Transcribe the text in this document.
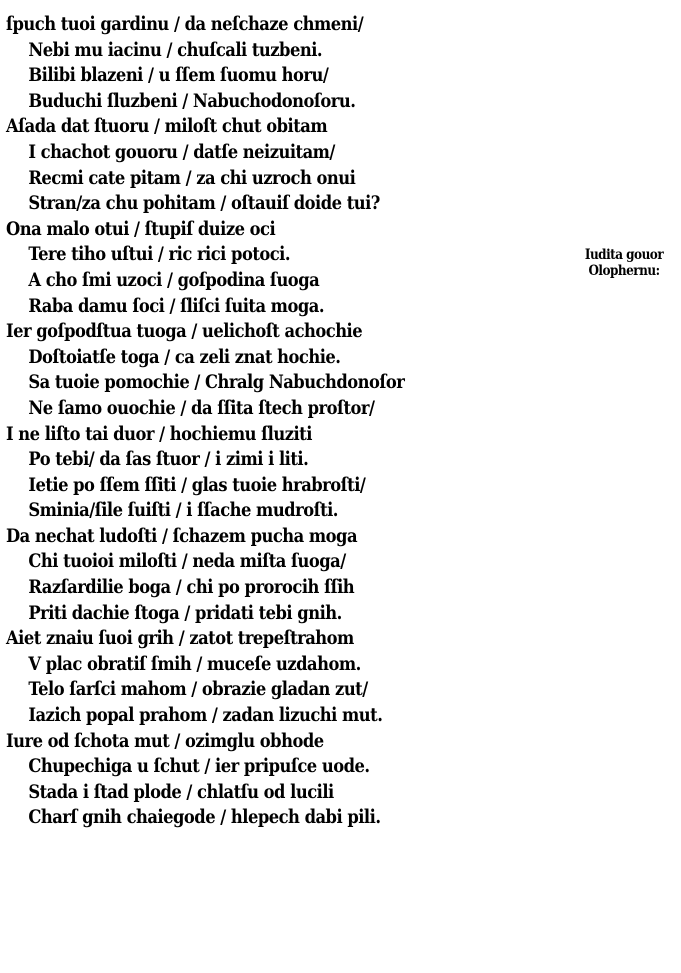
ſpuch tuoi gardinu / da neſchaze chmeni/
Nebi mu iacinu / chuſcali tuzbeni.
Bilibi blazeni / u ſſem ſuomu horu/
Buduchi ſluzbeni / Nabuchodonoſoru.
Aſada dat ſtuoru / miloſt chut obitam
I chachot gouoru / datſe neizuitam/
Recmi cate pitam / za chi uzroch onui
Stran/za chu pohitam / oſtauiſ doide tui?
Ona malo otui / ſtupiſ duize oci
Tere tiho uſtui / ric rici potoci.
A cho ſmi uzoci / goſpodina ſuoga
Raba damu ſoci / ſliſci ſuita moga.
Ier goſpodſtua tuoga / uelichoſt achochie
Doſtoiatſe toga / ca zeli znat hochie.
Sa tuoie pomochie / Chralg Nabuchdonoſor
Ne ſamo ouochie / da ſſita ſtech proſtor/
I ne liſto tai duor / hochiemu ſluziti
Po tebi/ da ſas ſtuor / i zimi i liti.
Ietie po ſſem ſſiti / glas tuoie hrabroſti/
Sminia/ſile ſuiſti / i ſſache mudroſti.
Da nechat ludoſti / ſchazem pucha moga
Chi tuoioi miloſti / neda miſta ſuoga/
Razſardilie boga / chi po prorocih ſſih
Priti dachie ſtoga / pridati tebi gnih.
Aiet znaiu ſuoi grih / zatot trepeſtrahom
V plac obratiſ ſmih / muceſe uzdahom.
Telo ſarſci mahom / obrazie gladan zut/
Iazich popal prahom / zadan lizuchi mut.
Iure od ſchota mut / ozimglu obhode
Chupechiga u ſchut / ier pripuſce uode.
Stada i ſtad plode / chlatſu od lucili
Charſ gnih chaiegode / hlepech dabi pili.
Iudita gouor
Olophernu:
